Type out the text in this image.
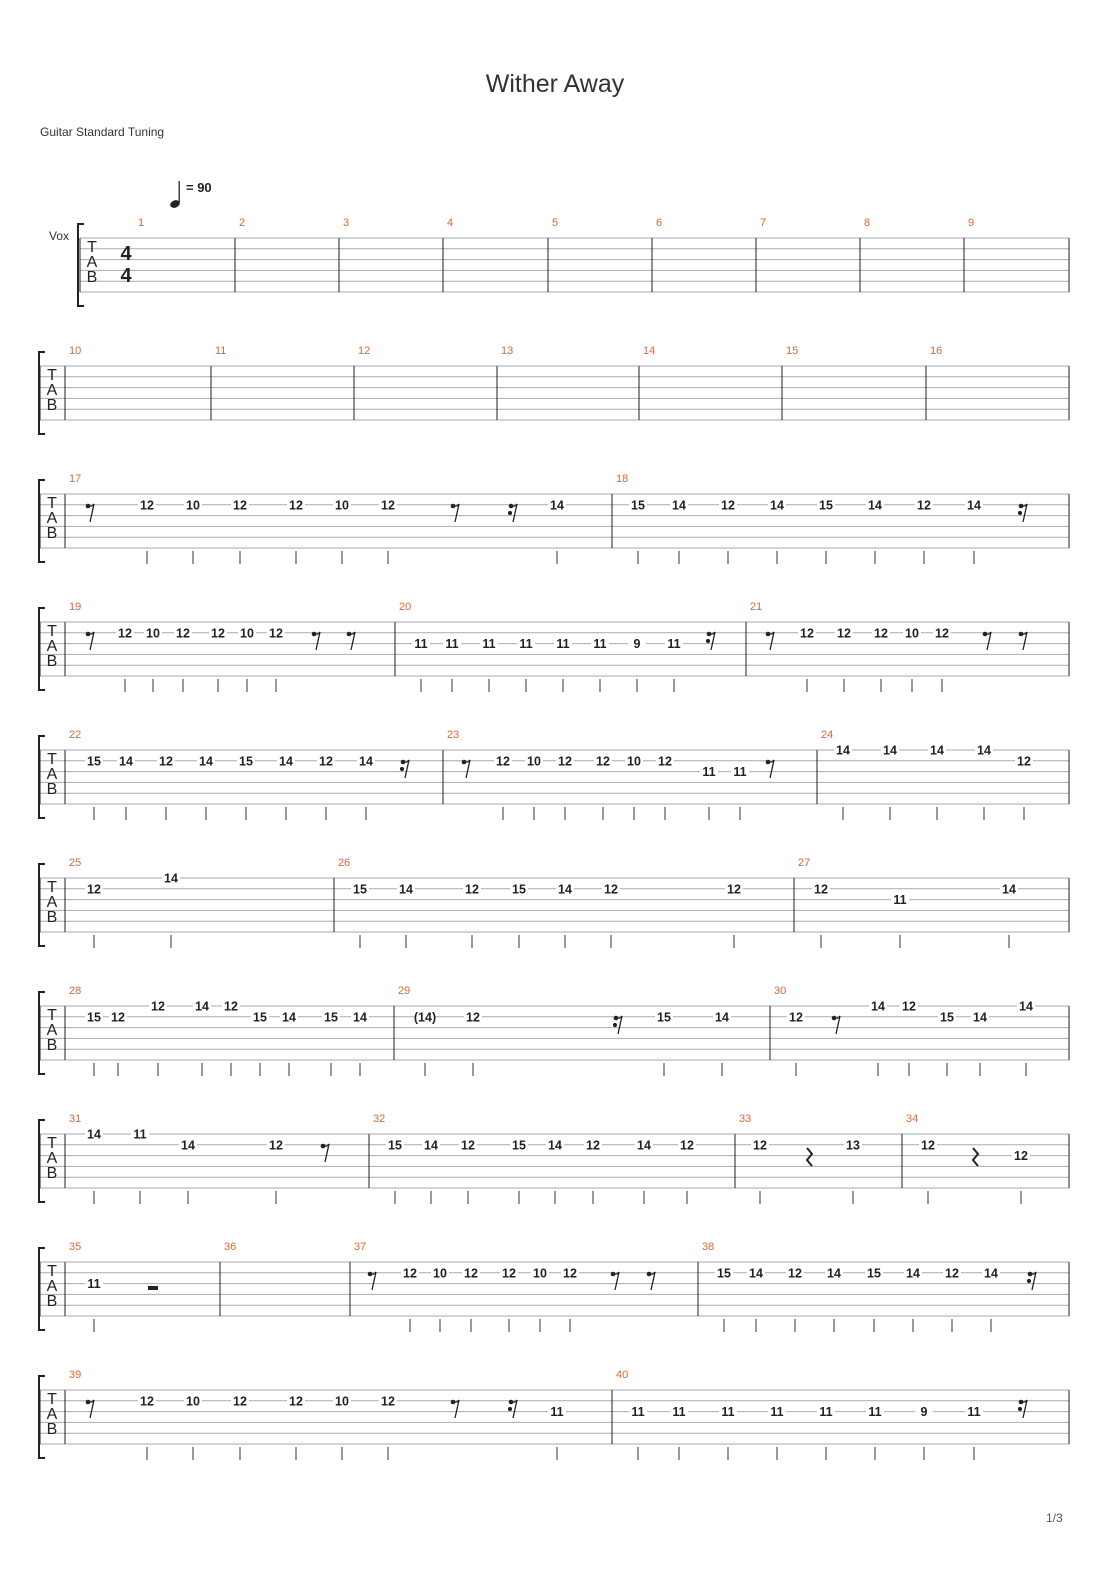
Wither Away
Guitar Standard Tuning
= 90
Vox
T
A
B
4
4
1	2	3	4	5	6	7	8	9
T
A
B
10	11	12	13	14	15	16
T
A
B
17	18
12	10	12	12	10	12	14	15 14	12	14	15	14	12	14
T
A
B
19	20	21
12 10 12 12 10 12
11 11 11 11 11 11 9 11
12 12 12 10 12
T
A
B
22	23	24
15 14 12 14 15 14 12 14	12 10 12 12 10 12
11 11
14	14	14	14
12
T
A
B
25	26	27
12
14
15	14	12	15	14	12	12	12
11
14
T
A
B
28	29	30
15 12
12 14 12
15 14 15 14	(14) 12	15	14	12
14 12
15 14
14
T
A
B
31	32	33	34
14	11
14	12	15 14 12	15 14 12	14 12	12	13	12
12
T
A
B
35	36	37	38
11
12 10 12 12 10 12	15 14 12 14 15 14 12 14
T
A
B
39	40
12	10	12	12	10	12
11	11 11	11	11	11	11	9	11
1/3
